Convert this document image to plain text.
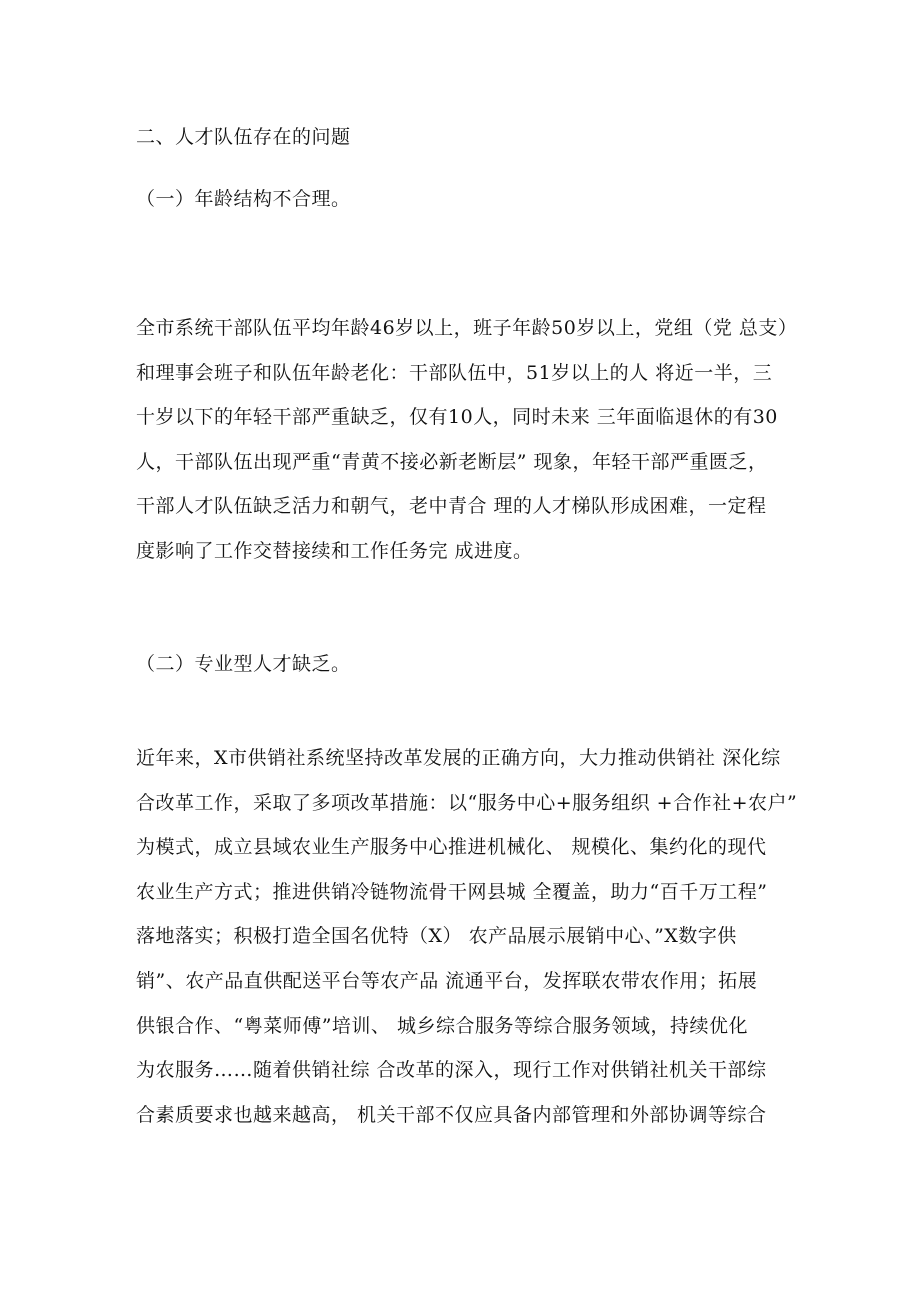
二、人才队伍存在的问题
（一）年龄结构不合理。
全市系统干部队伍平均年龄46岁以上，班子年龄50岁以上，党组（党 总支）
和理事会班子和队伍年龄老化：干部队伍中，51岁以上的人 将近一半，三
十岁以下的年轻干部严重缺乏，仅有10人，同时未来 三年面临退休的有30
人，干部队伍出现严重“青黄不接必新老断层” 现象，年轻干部严重匮乏，
干部人才队伍缺乏活力和朝气，老中青合 理的人才梯队形成困难，一定程
度影响了工作交替接续和工作任务完 成进度。
（二）专业型人才缺乏。
近年来，X市供销社系统坚持改革发展的正确方向，大力推动供销社 深化综
合改革工作，采取了多项改革措施：以“服务中心+服务组织 +合作社+农户”
为模式，成立县域农业生产服务中心推进机械化、 规模化、集约化的现代
农业生产方式；推进供销冷链物流骨干网县城 全覆盖，助力“百千万工程”
落地落实；积极打造全国名优特（X） 农产品展示展销中心、”X数字供
销”、农产品直供配送平台等农产品 流通平台，发挥联农带农作用；拓展
供银合作、“粤菜师傅”培训、 城乡综合服务等综合服务领域，持续优化
为农服务……随着供销社综 合改革的深入，现行工作对供销社机关干部综
合素质要求也越来越高， 机关干部不仅应具备内部管理和外部协调等综合
